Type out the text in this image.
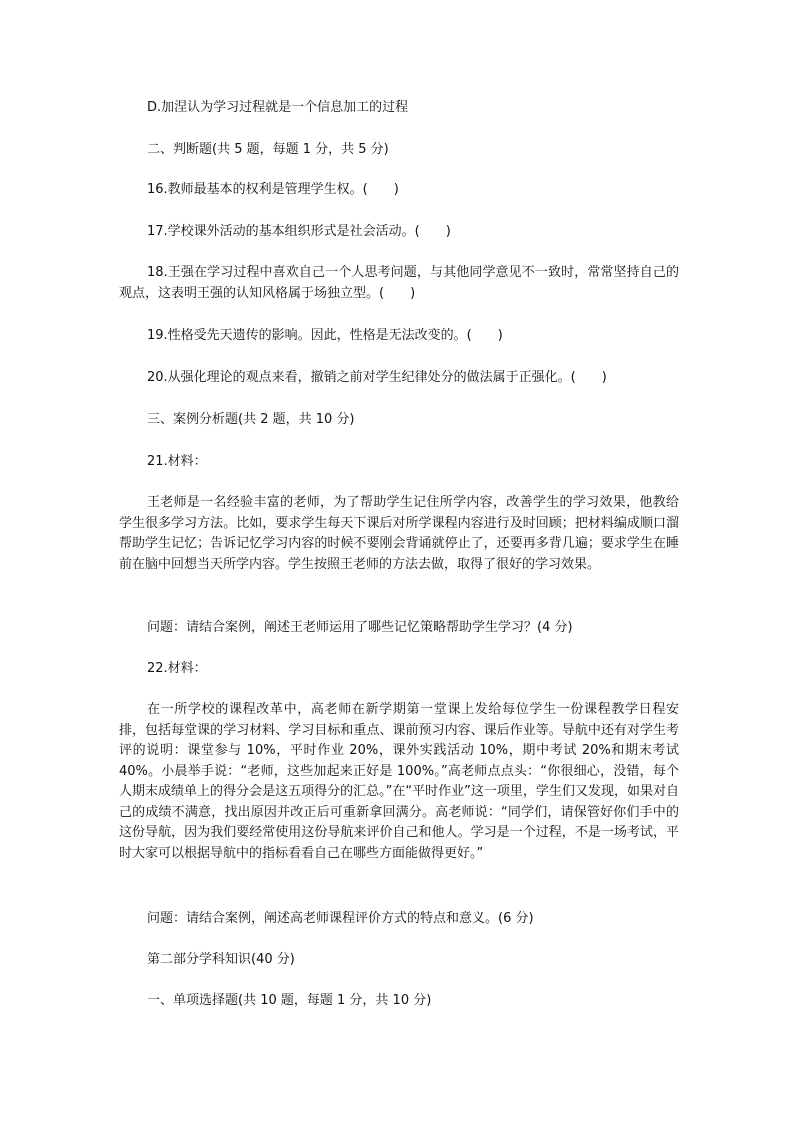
D.加涅认为学习过程就是一个信息加工的过程
二、判断题(共 5 题，每题 1 分，共 5 分)
16.教师最基本的权利是管理学生权。(　　)
17.学校课外活动的基本组织形式是社会活动。(　　)
18.王强在学习过程中喜欢自己一个人思考问题，与其他同学意见不一致时，常常坚持自己的观点，这表明王强的认知风格属于场独立型。(　　)
19.性格受先天遗传的影响。因此，性格是无法改变的。(　　)
20.从强化理论的观点来看，撤销之前对学生纪律处分的做法属于正强化。(　　)
三、案例分析题(共 2 题，共 10 分)
21.材料：
王老师是一名经验丰富的老师，为了帮助学生记住所学内容，改善学生的学习效果，他教给学生很多学习方法。比如，要求学生每天下课后对所学课程内容进行及时回顾；把材料编成顺口溜帮助学生记忆；告诉记忆学习内容的时候不要刚会背诵就停止了，还要再多背几遍；要求学生在睡前在脑中回想当天所学内容。学生按照王老师的方法去做，取得了很好的学习效果。
问题：请结合案例，阐述王老师运用了哪些记忆策略帮助学生学习？(4 分)
22.材料：
在一所学校的课程改革中，高老师在新学期第一堂课上发给每位学生一份课程教学日程安排，包括每堂课的学习材料、学习目标和重点、课前预习内容、课后作业等。导航中还有对学生考评的说明：课堂参与 10%，平时作业 20%，课外实践活动 10%，期中考试 20%和期末考试 40%。小晨举手说：“老师，这些加起来正好是 100%。”高老师点点头：“你很细心，没错，每个人期末成绩单上的得分会是这五项得分的汇总。”在“平时作业”这一项里，学生们又发现，如果对自己的成绩不满意，找出原因并改正后可重新拿回满分。高老师说：“同学们，请保管好你们手中的这份导航，因为我们要经常使用这份导航来评价自己和他人。学习是一个过程，不是一场考试，平时大家可以根据导航中的指标看看自己在哪些方面能做得更好。”
问题：请结合案例，阐述高老师课程评价方式的特点和意义。(6 分)
第二部分学科知识(40 分)
一、单项选择题(共 10 题，每题 1 分，共 10 分)
